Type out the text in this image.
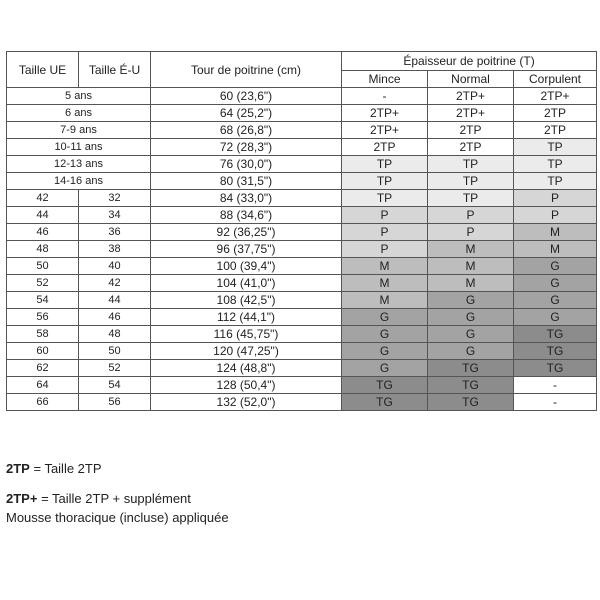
Taille UE	Taille É-U	Tour de poitrine (cm)	Épaisseur de poitrine (T)		
			Mince	Normal	Corpulent
5 ans		60 (23,6")	-	2TP+	2TP+
6 ans		64 (25,2")	2TP+	2TP+	2TP
7-9 ans		68 (26,8")	2TP+	2TP	2TP
10-11 ans		72 (28,3")	2TP	2TP	TP
12-13 ans		76 (30,0")	TP	TP	TP
14-16 ans		80 (31,5")	TP	TP	TP
42	32	84 (33,0")	TP	TP	P
44	34	88 (34,6")	P	P	P
46	36	92 (36,25")	P	P	M
48	38	96 (37,75")	P	M	M
50	40	100 (39,4")	M	M	G
52	42	104 (41,0")	M	M	G
54	44	108 (42,5")	M	G	G
56	46	112 (44,1")	G	G	G
58	48	116 (45,75")	G	G	TG
60	50	120 (47,25")	G	G	TG
62	52	124 (48,8")	G	TG	TG
64	54	128 (50,4")	TG	TG	-
66	56	132 (52,0")	TG	TG	-
2TP = Taille 2TP
2TP+ = Taille 2TP + supplément
Mousse thoracique (incluse) appliquée
